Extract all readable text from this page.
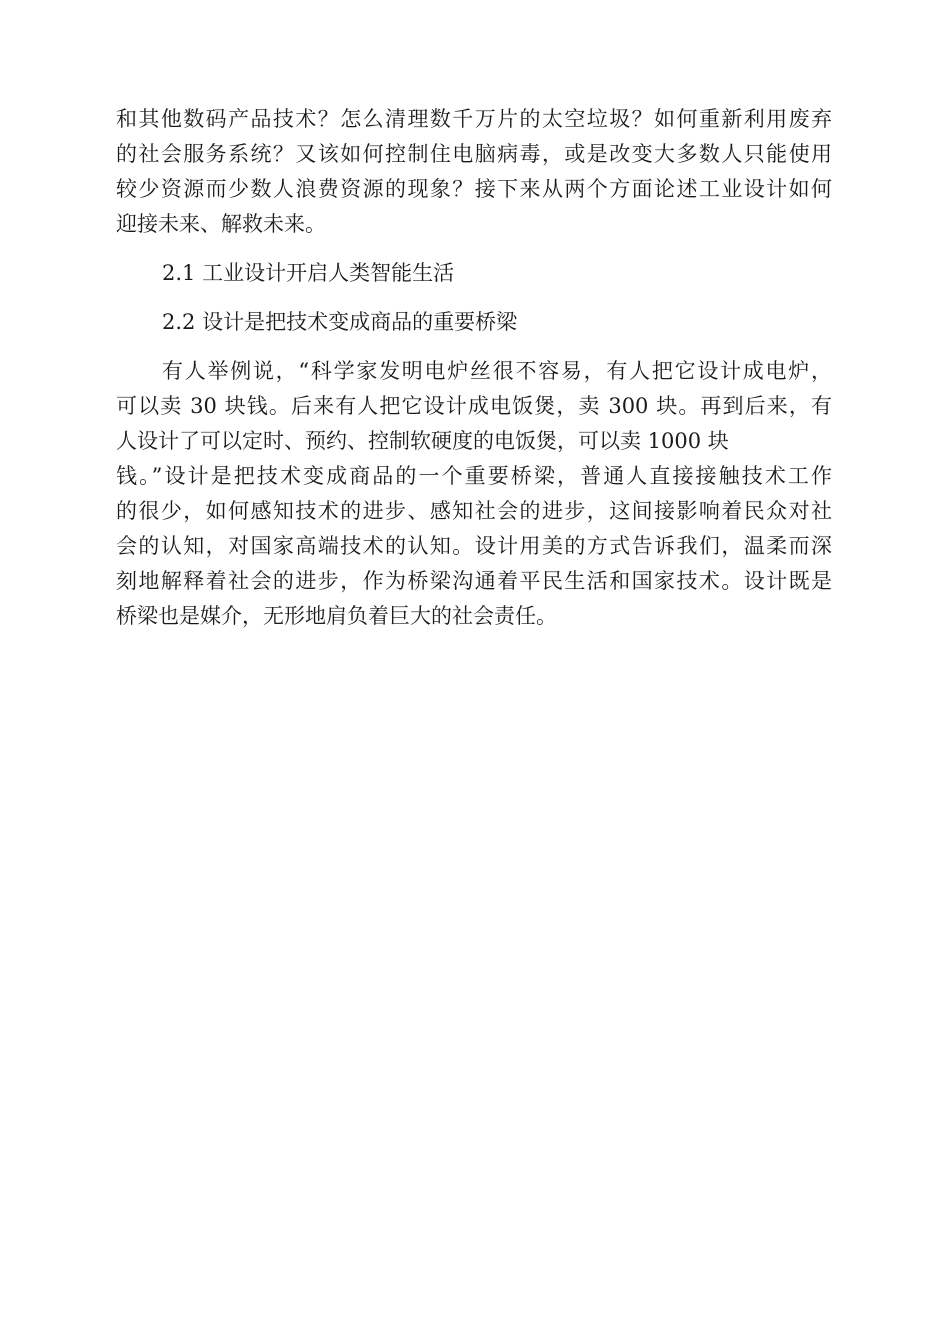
和其他数码产品技术？怎么清理数千万片的太空垃圾？如何重新利用废弃
的社会服务系统？又该如何控制住电脑病毒，或是改变大多数人只能使用
较少资源而少数人浪费资源的现象？接下来从两个方面论述工业设计如何
迎接未来、解救未来。
2.1 工业设计开启人类智能生活
2.2 设计是把技术变成商品的重要桥梁
有人举例说，“科学家发明电炉丝很不容易，有人把它设计成电炉，
可以卖 30 块钱。后来有人把它设计成电饭煲，卖 300 块。再到后来，有
人设计了可以定时、预约、控制软硬度的电饭煲，可以卖 1000 块
钱。”设计是把技术变成商品的一个重要桥梁，普通人直接接触技术工作
的很少，如何感知技术的进步、感知社会的进步，这间接影响着民众对社
会的认知，对国家高端技术的认知。设计用美的方式告诉我们，温柔而深
刻地解释着社会的进步，作为桥梁沟通着平民生活和国家技术。设计既是
桥梁也是媒介，无形地肩负着巨大的社会责任。
